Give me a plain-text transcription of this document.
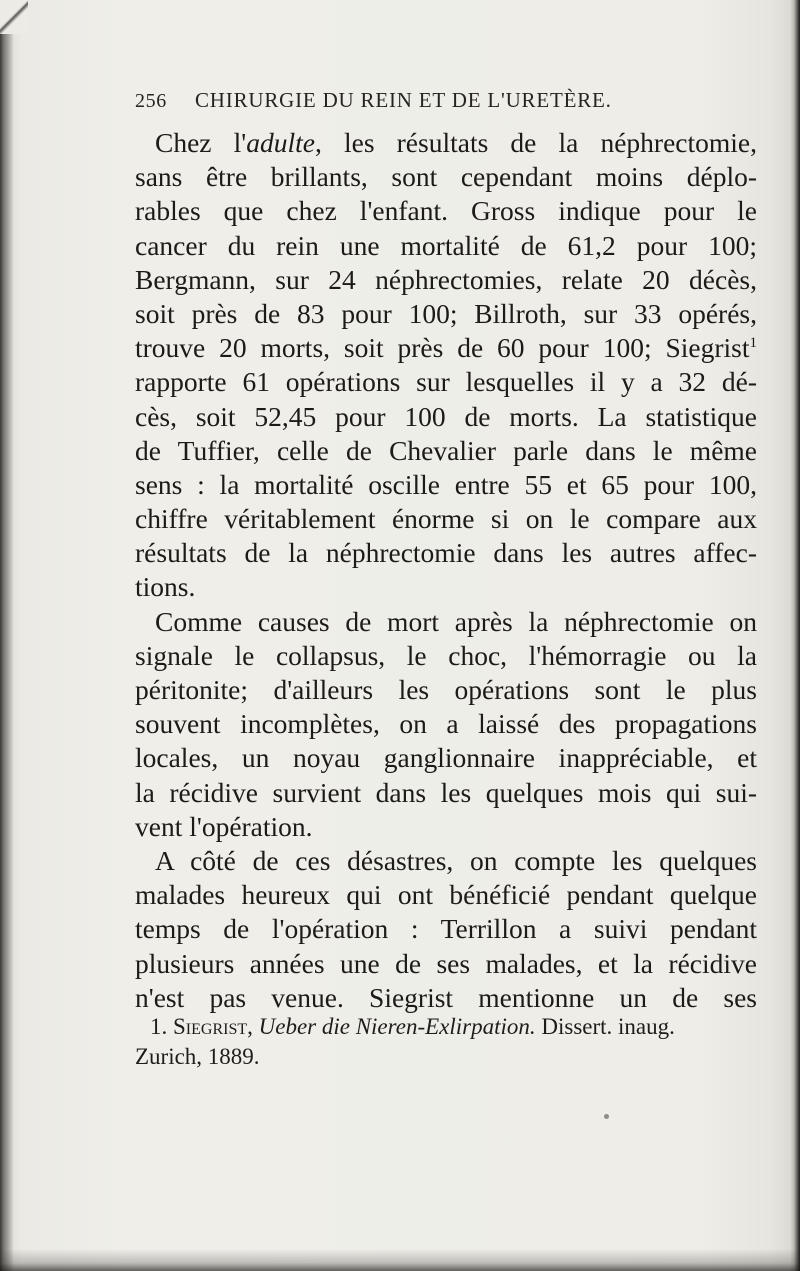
256	CHIRURGIE DU REIN ET DE L'URETÈRE.
Chez l'adulte, les résultats de la néphrectomie,
sans être brillants, sont cependant moins déplo-
rables que chez l'enfant. Gross indique pour le
cancer du rein une mortalité de 61,2 pour 100;
Bergmann, sur 24 néphrectomies, relate 20 décès,
soit près de 83 pour 100; Billroth, sur 33 opérés,
trouve 20 morts, soit près de 60 pour 100; Siegrist$^1$
rapporte 61 opérations sur lesquelles il y a 32 dé-
cès, soit 52,45 pour 100 de morts. La statistique
de Tuffier, celle de Chevalier parle dans le même
sens : la mortalité oscille entre 55 et 65 pour 100,
chiffre véritablement énorme si on le compare aux
résultats de la néphrectomie dans les autres affec-
tions.
Comme causes de mort après la néphrectomie on
signale le collapsus, le choc, l'hémorragie ou la
péritonite; d'ailleurs les opérations sont le plus
souvent incomplètes, on a laissé des propagations
locales, un noyau ganglionnaire inappréciable, et
la récidive survient dans les quelques mois qui sui-
vent l'opération.
A côté de ces désastres, on compte les quelques
malades heureux qui ont bénéficié pendant quelque
temps de l'opération : Terrillon a suivi pendant
plusieurs années une de ses malades, et la récidive
n'est pas venue. Siegrist mentionne un de ses
1. Siegrist, Ueber die Nieren-Exlirpation. Dissert. inaug.
Zurich, 1889.
